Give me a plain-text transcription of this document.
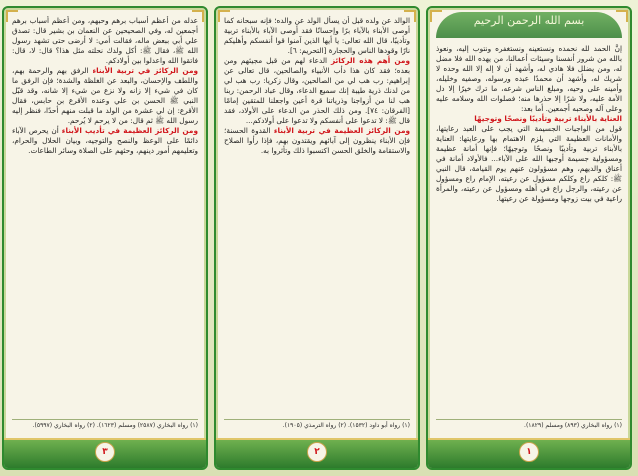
بسم الله الرحمن الرحيم
إنَّ الحمد لله نحمده ونستعينه ونستغفره ونتوب إليه، ونعوذ بالله من شرور أنفسنا وسيئات أعمالنا، من يهده الله فلا مضل له، ومن يضلل فلا هادي له، وأشهد أن لا إله إلا الله وحده لا شريك له، وأشهد أن محمدًا عبده ورسوله، وصفيه وخليله، وأمينه على وحيه، ومبلغ الناس شرعه، ما ترك خيرًا إلا دل الأمة عليه، ولا شرًا إلا حذرها منه؛ فصلوات الله وسلامه عليه وعلى آله وصحبه أجمعين. أما بعد:
العناية بالأبناء تربية وتأديبًا ونصحًا وتوجيهًا
قول من الواجبات الجسيمة التي يجب على العبد رعايتها، والأمانات العظيمة التي يلزم الاهتمام بها ورعايتها: العناية بالأبناء تربية وتأديبًا ونصحًا وتوجيهًا؛ فإنها أمانة عظيمة ومسؤولية جسيمة أوجبها الله على الآباء... فالأولاد أمانة في أعناق والديهم، وهم مسؤولون عنهم يوم القيامة، قال النبي ﷺ: كلكم راع وكلكم مسؤول عن رعيته، الإمام راع ومسؤول عن رعيته، والرجل راع في أهله ومسؤول عن رعيته، والمرأة راعية في بيت زوجها ومسؤولة عن رعيتها.
(١) رواه البخاري (٨٩٣) ومسلم (١٨٢٩).
١
الوالد عن ولده قبل أن يسأل الولد عن والده؛ فإنه سبحانه كما أوصى الأبناء بالآباء برًا وإحسانًا فقد أوصى الآباء بالأبناء تربية وتأديبًا، قال الله تعالى: يا أيها الذين آمنوا قوا أنفسكم وأهليكم نارًا وقودها الناس والحجارة [التحريم: ٦].
ومن أهم هذه الركائز الدعاء لهم من قبل مجيئهم ومن بعده؛ فقد كان هذا دأب الأنبياء والصالحين، قال تعالى عن إبراهيم: رب هب لي من الصالحين، وقال زكريا: رب هب لي من لدنك ذرية طيبة إنك سميع الدعاء، وقال عباد الرحمن: ربنا هب لنا من أزواجنا وذرياتنا قرة أعين واجعلنا للمتقين إمامًا [الفرقان: ٧٤]. ومن ذلك الحذر من الدعاء على الأولاد، فقد قال ﷺ: لا تدعوا على أنفسكم ولا تدعوا على أولادكم...
ومن الركائز العظيمة في تربية الأبناء القدوة الحسنة؛ فإن الأبناء ينظرون إلى آبائهم ويقتدون بهم، فإذا رأوا الصلاح والاستقامة والخلق الحسن اكتسبوا ذلك وتأثروا به.
(١) رواه أبو داود (١٥٣٢). (٢) رواه الترمذي (١٩٠٥).
٢
عدله من أعظم أسباب برهم وحبهم، ومن أعظم أسباب برهم أجمعين له، وفي الصحيحين عن النعمان بن بشير قال: تصدق علي أبي ببعض ماله، فقالت أمي: لا أرضى حتى تشهد رسول الله ﷺ، فقال ﷺ: أكل ولدك نحلته مثل هذا؟ قال: لا، قال: فاتقوا الله واعدلوا بين أولادكم.
ومن الركائز في تربية الأبناء الرفق بهم والرحمة بهم، واللطف والإحسان، والبعد عن الغلظة والشدة؛ فإن الرفق ما كان في شيء إلا زانه ولا نزع من شيء إلا شانه، وقد قبّل النبي ﷺ الحسن بن علي وعنده الأقرع بن حابس، فقال الأقرع: إن لي عشرة من الولد ما قبلت منهم أحدًا، فنظر إليه رسول الله ﷺ ثم قال: من لا يرحم لا يُرحم.
ومن الركائز العظيمة في تأديب الأبناء أن يحرص الآباء دائمًا على الوعظ والنصح والتوجيه، وبيان الحلال والحرام، وتعليمهم أمور دينهم، وحثهم على الصلاة وسائر الطاعات.
(١) رواه البخاري (٢٥٨٧) ومسلم (١٦٢٣). (٢) رواه البخاري (٥٩٩٧).
٣
